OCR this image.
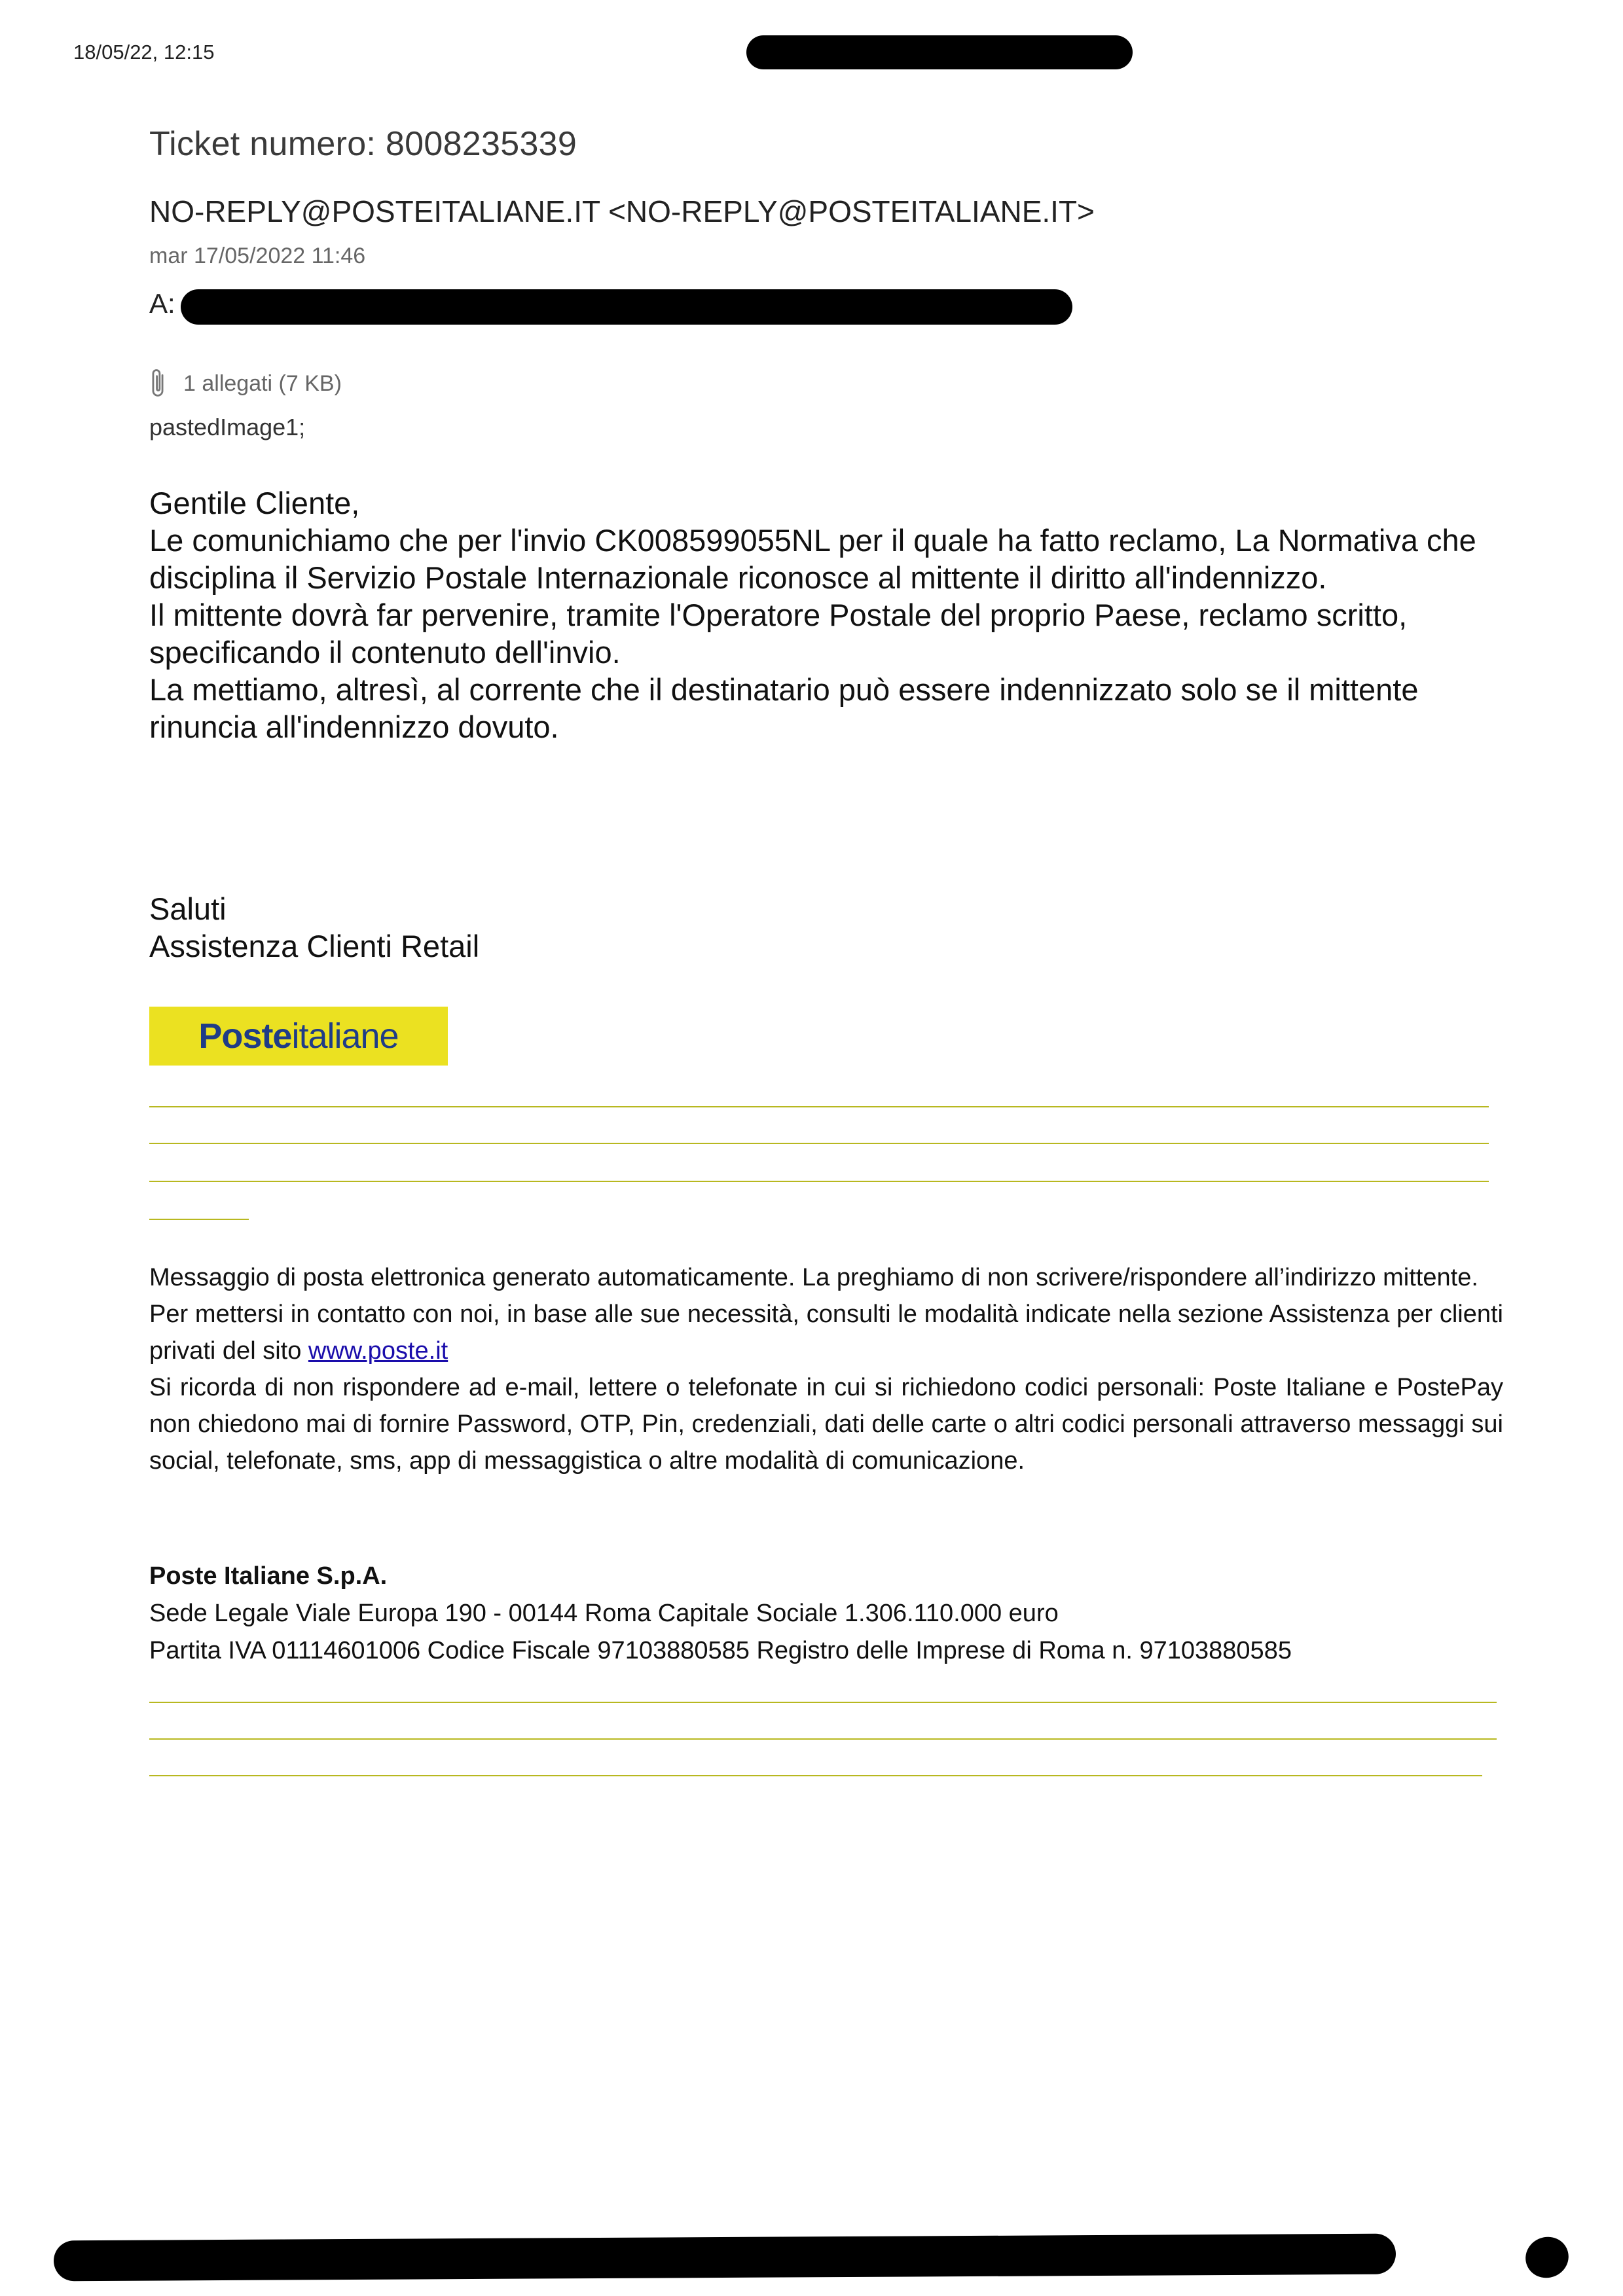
18/05/22, 12:15
Ticket numero: 8008235339
NO-REPLY@POSTEITALIANE.IT <NO-REPLY@POSTEITALIANE.IT>
mar 17/05/2022 11:46
A:
1 allegati (7 KB)
pastedImage1;

Gentile Cliente,

Le comunichiamo che per l'invio CK008599055NL per il quale ha fatto reclamo, La Normativa che disciplina il Servizio Postale Internazionale riconosce al mittente il diritto all'indennizzo.

Il mittente dovrà far pervenire, tramite l'Operatore Postale del proprio Paese, reclamo scritto, specificando il contenuto dell'invio.

La mettiamo, altresì, al corrente che il destinatario può essere indennizzato solo se il mittente rinuncia all'indennizzo dovuto.

Saluti

Assistenza Clienti Retail

Poste italiane

Messaggio di posta elettronica generato automaticamente. La preghiamo di non scrivere/rispondere all’indirizzo mittente.

Per mettersi in contatto con noi, in base alle sue necessità, consulti le modalità indicate nella sezione Assistenza per clienti privati del sito www.poste.it

Si ricorda di non rispondere ad e-mail, lettere o telefonate in cui si richiedono codici personali: Poste Italiane e PostePay non chiedono mai di fornire Password, OTP, Pin, credenziali, dati delle carte o altri codici personali attraverso messaggi sui social, telefonate, sms, app di messaggistica o altre modalità di comunicazione.

Poste Italiane S.p.A.

Sede Legale Viale Europa 190 - 00144 Roma Capitale Sociale 1.306.110.000 euro

Partita IVA 01114601006 Codice Fiscale 97103880585 Registro delle Imprese di Roma n. 97103880585
